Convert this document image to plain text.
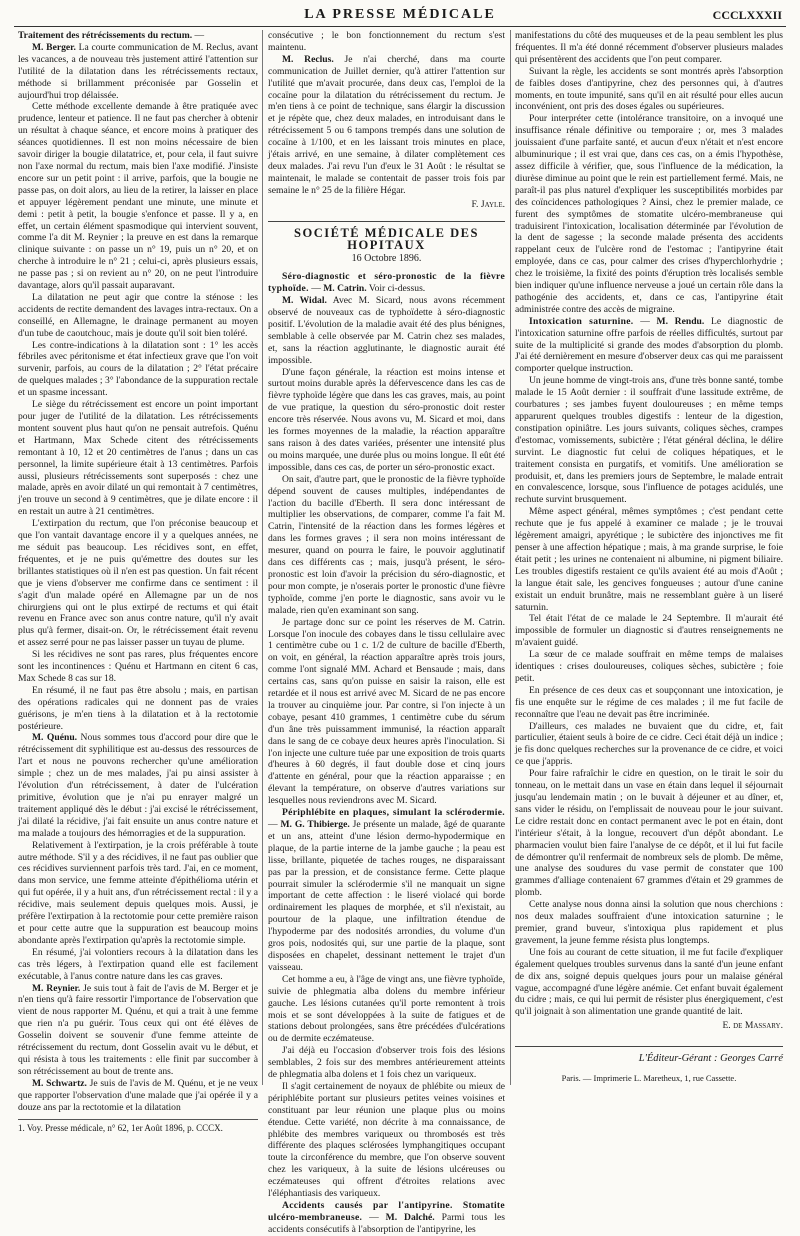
LA PRESSE MÉDICALE	CCCLXXXII

Traitement des rétrécissements du rectum. —

M. Berger. La courte communication de M. Reclus, avant les vacances, a de nouveau très justement attiré l'attention sur l'utilité de la dilatation dans les rétrécissements rectaux, méthode si brillamment préconisée par Gosselin et aujourd'hui trop délaissée.

Cette méthode excellente demande à être pratiquée avec prudence, lenteur et patience. Il ne faut pas chercher à obtenir un résultat à chaque séance, et encore moins à pratiquer des séances quotidiennes. Il est non moins nécessaire de bien savoir diriger la bougie dilatatrice, et, pour cela, il faut suivre non l'axe normal du rectum, mais bien l'axe modifié. J'insiste encore sur un petit point : il arrive, parfois, que la bougie ne passe pas, on doit alors, au lieu de la retirer, la laisser en place et appuyer légèrement pendant une minute, une minute et demi : petit à petit, la bougie s'enfonce et passe. Il y a, en effet, un certain élément spasmodique qui intervient souvent, comme l'a dit M. Reynier ; la preuve en est dans la remarque clinique suivante : on passe un n° 19, puis un n° 20, et on cherche à introduire le n° 21 ; celui-ci, après plusieurs essais, ne passe pas ; si on revient au n° 20, on ne peut l'introduire davantage, alors qu'il passait auparavant.

La dilatation ne peut agir que contre la sténose : les accidents de rectite demandent des lavages intra-rectaux. On a conseillé, en Allemagne, le drainage permanent au moyen d'un tube de caoutchouc, mais je doute qu'il soit bien toléré.

Les contre-indications à la dilatation sont : 1° les accès fébriles avec péritonisme et état infectieux grave que l'on voit survenir, parfois, au cours de la dilatation ; 2° l'état précaire de quelques malades ; 3° l'abondance de la suppuration rectale et un spasme incessant.

Le siège du rétrécissement est encore un point important pour juger de l'utilité de la dilatation. Les rétrécissements montent souvent plus haut qu'on ne pensait autrefois. Quénu et Hartmann, Max Schede citent des rétrécissements remontant à 10, 12 et 20 centimètres de l'anus ; dans un cas personnel, la limite supérieure était à 13 centimètres. Parfois aussi, plusieurs rétrécissements sont superposés : chez une malade, après en avoir dilaté un qui remontait à 7 centimètres, j'en trouve un second à 9 centimètres, que je dilate encore : il en restait un autre à 21 centimètres.

L'extirpation du rectum, que l'on préconise beaucoup et que l'on vantait davantage encore il y a quelques années, ne me séduit pas beaucoup. Les récidives sont, en effet, fréquentes, et je ne puis qu'émettre des doutes sur les brillantes statistiques où il n'en est pas question. Un fait récent que je viens d'observer me confirme dans ce sentiment : il s'agit d'un malade opéré en Allemagne par un de nos chirurgiens qui ont le plus extirpé de rectums et qui était revenu en France avec son anus contre nature, qu'il n'y avait plus qu'à fermer, disait-on. Or, le rétrécissement était revenu et assez serré pour ne pas laisser passer un tuyau de plume.

Si les récidives ne sont pas rares, plus fréquentes encore sont les incontinences : Quénu et Hartmann en citent 6 cas, Max Schede 8 cas sur 18.

En résumé, il ne faut pas être absolu ; mais, en partisan des opérations radicales qui ne donnent pas de vraies guérisons, je m'en tiens à la dilatation et à la rectotomie postérieure.

M. Quénu. Nous sommes tous d'accord pour dire que le rétrécissement dit syphilitique est au-dessus des ressources de l'art et nous ne pouvons rechercher qu'une amélioration simple ; chez un de mes malades, j'ai pu ainsi assister à l'évolution d'un rétrécissement, à dater de l'ulcération primitive, évolution que je n'ai pu enrayer malgré un traitement appliqué dès le début : j'ai excisé le rétrécissement, j'ai dilaté la récidive, j'ai fait ensuite un anus contre nature et ma malade a toujours des hémorragies et de la suppuration.

Relativement à l'extirpation, je la crois préférable à toute autre méthode. S'il y a des récidives, il ne faut pas oublier que ces récidives surviennent parfois très tard. J'ai, en ce moment, dans mon service, une femme atteinte d'épithélioma utérin et qui fut opérée, il y a huit ans, d'un rétrécissement rectal : il y a récidive, mais seulement depuis quelques mois. Aussi, je préfère l'extirpation à la rectotomie pour cette première raison et pour cette autre que la suppuration est beaucoup moins abondante après l'extirpation qu'après la rectotomie simple.

En résumé, j'ai volontiers recours à la dilatation dans les cas très légers, à l'extirpation quand elle est facilement exécutable, à l'anus contre nature dans les cas graves.

M. Reynier. Je suis tout à fait de l'avis de M. Berger et je n'en tiens qu'à faire ressortir l'importance de l'observation que vient de nous rapporter M. Quénu, et qui a trait à une femme que rien n'a pu guérir. Tous ceux qui ont été élèves de Gosselin doivent se souvenir d'une femme atteinte de rétrécissement du rectum, dont Gosselin avait vu le début, et qui résista à tous les traitements : elle finit par succomber à son rétrécissement au bout de trente ans.

M. Schwartz. Je suis de l'avis de M. Quénu, et je ne veux que rapporter l'observation d'une malade que j'ai opérée il y a douze ans par la rectotomie et la dilatation

1. Voy. Presse médicale, n° 62, 1er Août 1896, p. CCCX.

consécutive ; le bon fonctionnement du rectum s'est maintenu.

M. Reclus. Je n'ai cherché, dans ma courte communication de Juillet dernier, qu'à attirer l'attention sur l'utilité que m'avait procurée, dans deux cas, l'emploi de la cocaïne pour la dilatation du rétrécissement du rectum. Je m'en tiens à ce point de technique, sans élargir la discussion et je répète que, chez deux malades, en introduisant dans le rétrécissement 5 ou 6 tampons trempés dans une solution de cocaïne à 1/100, et en les laissant trois minutes en place, j'étais arrivé, en une semaine, à dilater complètement ces deux malades. J'ai revu l'un d'eux le 31 Août : le résultat se maintenait, le malade se contentait de passer trois fois par semaine le n° 25 de la filière Hégar.

F. Jayle.
SOCIÉTÉ MÉDICALE DES HOPITAUX
16 Octobre 1896.

Séro-diagnostic et séro-pronostic de la fièvre typhoïde. — M. Catrin. Voir ci-dessus.

M. Widal. Avec M. Sicard, nous avons récemment observé de nouveaux cas de typhoïdette à séro-diagnostic positif. L'évolution de la maladie avait été des plus bénignes, semblable à celle observée par M. Catrin chez ses malades, et, sans la réaction agglutinante, le diagnostic aurait été impossible.

D'une façon générale, la réaction est moins intense et surtout moins durable après la défervescence dans les cas de fièvre typhoïde légère que dans les cas graves, mais, au point de vue pratique, la question du séro-pronostic doit rester encore très réservée. Nous avons vu, M. Sicard et moi, dans les formes moyennes de la maladie, la réaction apparaître sans raison à des dates variées, présenter une intensité plus ou moins marquée, une durée plus ou moins longue. Il eût été impossible, dans ces cas, de porter un séro-pronostic exact.

On sait, d'autre part, que le pronostic de la fièvre typhoïde dépend souvent de causes multiples, indépendantes de l'action du bacille d'Eberth. Il sera donc intéressant de multiplier les observations, de comparer, comme l'a fait M. Catrin, l'intensité de la réaction dans les formes légères et dans les formes graves ; il sera non moins intéressant de mesurer, quand on pourra le faire, le pouvoir agglutinatif dans ces différents cas ; mais, jusqu'à présent, le séro-pronostic est loin d'avoir la précision du séro-diagnostic, et pour mon compte, je n'oserais porter le pronostic d'une fièvre typhoïde, comme j'en porte le diagnostic, sans avoir vu le malade, rien qu'en examinant son sang.

Je partage donc sur ce point les réserves de M. Catrin. Lorsque l'on inocule des cobayes dans le tissu cellulaire avec 1 centimètre cube ou 1 c. 1/2 de culture de bacille d'Eberth, on voit, en général, la réaction apparaître après trois jours, comme l'ont signalé MM. Achard et Bensaude ; mais, dans certains cas, sans qu'on puisse en saisir la raison, elle est retardée et il nous est arrivé avec M. Sicard de ne pas encore la trouver au cinquième jour. Par contre, si l'on injecte à un cobaye, pesant 410 grammes, 1 centimètre cube du sérum d'un âne très puissamment immunisé, la réaction apparaît dans le sang de ce cobaye deux heures après l'inoculation. Si l'on injecte une culture tuée par une exposition de trois quarts d'heures à 60 degrés, il faut double dose et cinq jours d'attente en général, pour que la réaction apparaisse ; en élevant la température, on observe d'autres variations sur lesquelles nous reviendrons avec M. Sicard.

Périphlébite en plaques, simulant la sclérodermie. — M. G. Thibierge. Je présente un malade, âgé de quarante et un ans, atteint d'une lésion dermo-hypodermique en plaque, de la partie interne de la jambe gauche ; la peau est lisse, brillante, piquetée de taches rouges, ne disparaissant pas par la pression, et de consistance ferme. Cette plaque pourrait simuler la sclérodermie s'il ne manquait un signe important de cette affection : le liseré violacé qui borde ordinairement les plaques de morphée, et s'il n'existait, au pourtour de la plaque, une infiltration étendue de l'hypoderme par des nodosités arrondies, du volume d'un gros pois, nodosités qui, sur une partie de la plaque, sont disposées en chapelet, dessinant nettement le trajet d'un vaisseau.

Cet homme a eu, à l'âge de vingt ans, une fièvre typhoïde, suivie de phlegmatia alba dolens du membre inférieur gauche. Les lésions cutanées qu'il porte remontent à trois mois et se sont développées à la suite de fatigues et de stations debout prolongées, sans être précédées d'ulcérations ou de dermite eczémateuse.

J'ai déjà eu l'occasion d'observer trois fois des lésions semblables, 2 fois sur des membres antérieurement atteints de phlegmatia alba dolens et 1 fois chez un variqueux.

Il s'agit certainement de noyaux de phlébite ou mieux de périphlébite portant sur plusieurs petites veines voisines et constituant par leur réunion une plaque plus ou moins étendue. Cette variété, non décrite à ma connaissance, de phlébite des membres variqueux ou thrombosés est très différente des plaques sclérosées lymphangitiques occupant toute la circonférence du membre, que l'on observe souvent chez les variqueux, à la suite de lésions ulcéreuses ou eczémateuses qui offrent d'étroites relations avec l'éléphantiasis des variqueux.

Accidents causés par l'antipyrine. Stomatite ulcéro-membraneuse. — M. Dalché. Parmi tous les accidents consécutifs à l'absorption de l'antipyrine, les

manifestations du côté des muqueuses et de la peau semblent les plus fréquentes. Il m'a été donné récemment d'observer plusieurs malades qui présentèrent des accidents que l'on peut comparer.

Suivant la règle, les accidents se sont montrés après l'absorption de faibles doses d'antipyrine, chez des personnes qui, à d'autres moments, en toute impunité, sans qu'il en ait résulté pour elles aucun inconvénient, ont pris des doses égales ou supérieures.

Pour interpréter cette (intolérance transitoire, on a invoqué une insuffisance rénale définitive ou temporaire ; or, mes 3 malades jouissaient d'une parfaite santé, et aucun d'eux n'était et n'est encore albuminurique ; il est vrai que, dans ces cas, on a émis l'hypothèse, assez difficile à vérifier, que, sous l'influence de la médication, la diurèse diminue au point que le rein est partiellement fermé. Mais, ne paraît-il pas plus naturel d'expliquer les susceptibilités morbides par des coïncidences pathologiques ? Ainsi, chez le premier malade, ce furent des symptômes de stomatite ulcéro-membraneuse qui traduisirent l'intoxication, localisation déterminée par l'évolution de la dent de sagesse ; la seconde malade présenta des accidents rappelant ceux de l'ulcère rond de l'estomac ; l'antipyrine était employée, dans ce cas, pour calmer des crises d'hyperchlorhydrie ; chez le troisième, la fixité des points d'éruption très localisés semble bien indiquer qu'une influence nerveuse a joué un certain rôle dans la pathogénie des accidents, et, dans ce cas, l'antipyrine était administrée contre des accès de migraine.

Intoxication saturnine. — M. Rendu. Le diagnostic de l'intoxication saturnine offre parfois de réelles difficultés, surtout par suite de la multiplicité si grande des modes d'absorption du plomb. J'ai été dernièrement en mesure d'observer deux cas qui me paraissent comporter quelque instruction.

Un jeune homme de vingt-trois ans, d'une très bonne santé, tombe malade le 15 Août dernier : il souffrait d'une lassitude extrême, de courbatures ; ses jambes fuyent douloureuses ; en même temps apparurent quelques troubles digestifs : lenteur de la digestion, constipation opiniâtre. Les jours suivants, coliques sèches, crampes d'estomac, vomissements, subictère ; l'état général déclina, le délire survint. Le diagnostic fut celui de coliques hépatiques, et le traitement consista en purgatifs, et vomitifs. Une amélioration se produisit, et, dans les premiers jours de Septembre, le malade entrait en convalescence, lorsque, sous l'influence de potages acidulés, une rechute survint brusquement.

Même aspect général, mêmes symptômes ; c'est pendant cette rechute que je fus appelé à examiner ce malade ; je le trouvai légèrement amaigri, apyrétique ; le subictère des injonctives me fit penser à une affection hépatique ; mais, à ma grande surprise, le foie était petit ; les urines ne contenaient ni albumine, ni pigment biliaire. Les troubles digestifs restaient ce qu'ils avaient été au mois d'Août ; la langue était sale, les gencives fongueuses ; autour d'une canine existait un enduit brunâtre, mais ne ressemblant guère à un liseré saturnin.

Tel était l'état de ce malade le 24 Septembre. Il m'aurait été impossible de formuler un diagnostic si d'autres renseignements ne m'avaient guidé.

La sœur de ce malade souffrait en même temps de malaises identiques : crises douloureuses, coliques sèches, subictère ; foie petit.

En présence de ces deux cas et soupçonnant une intoxication, je fis une enquête sur le régime de ces malades ; il me fut facile de reconnaître que l'eau ne devait pas être incriminée.

D'ailleurs, ces malades ne buvaient que du cidre, et, fait particulier, étaient seuls à boire de ce cidre. Ceci était déjà un indice ; je fis donc quelques recherches sur la provenance de ce cidre, et voici ce que j'appris.

Pour faire rafraîchir le cidre en question, on le tirait le soir du tonneau, on le mettait dans un vase en étain dans lequel il séjournait jusqu'au lendemain matin ; on le buvait à déjeuner et au dîner, et, sans vider le résidu, on l'emplissait de nouveau pour le jour suivant. Le cidre restait donc en contact permanent avec le pot en étain, dont l'intérieur s'était, à la longue, recouvert d'un dépôt abondant. Le pharmacien voulut bien faire l'analyse de ce dépôt, et il lui fut facile de démontrer qu'il renfermait de nombreux sels de plomb. De même, une analyse des soudures du vase permit de constater que 100 grammes d'alliage contenaient 67 grammes d'étain et 29 grammes de plomb.

Cette analyse nous donna ainsi la solution que nous cherchions : nos deux malades souffraient d'une intoxication saturnine ; le premier, grand buveur, s'intoxiqua plus rapidement et plus gravement, la jeune femme résista plus longtemps.

Une fois au courant de cette situation, il me fut facile d'expliquer également quelques troubles survenus dans la santé d'un jeune enfant de dix ans, soigné depuis quelques jours pour un malaise général vague, accompagné d'une légère anémie. Cet enfant buvait également du cidre ; mais, ce qui lui permit de résister plus énergiquement, c'est qu'il joignait à son alimentation une grande quantité de lait.

E. de Massary.
L'Éditeur-Gérant : Georges Carré
Paris. — Imprimerie L. Maretheux, 1, rue Cassette.
